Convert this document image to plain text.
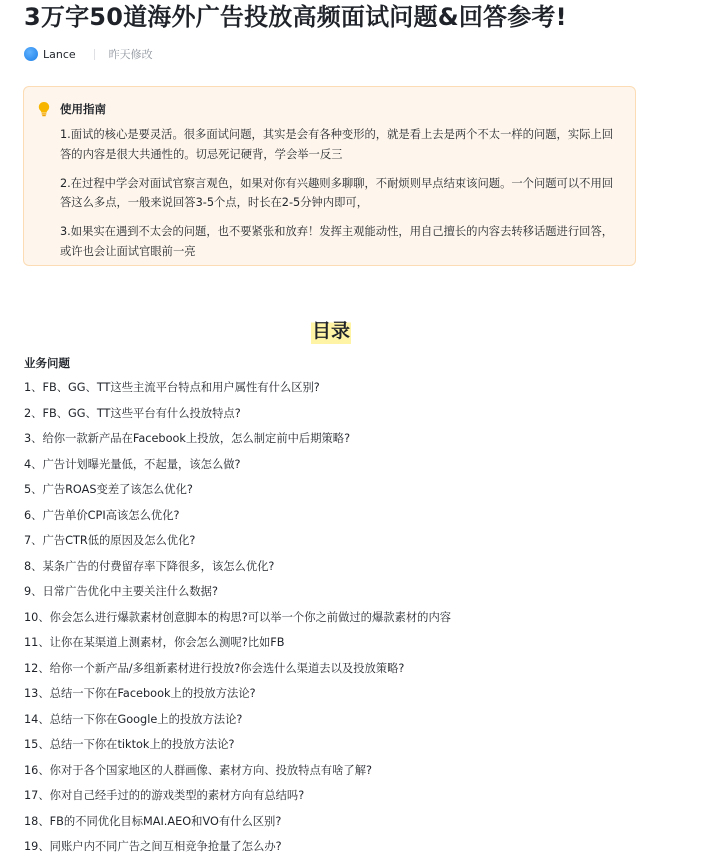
3万字50道海外广告投放高频面试问题&回答参考!
Lance	昨天修改
使用指南

1.面试的核心是要灵活。很多面试问题，其实是会有各种变形的，就是看上去是两个不太一样的问题，实际上回答的内容是很大共通性的。切忌死记硬背，学会举一反三

2.在过程中学会对面试官察言观色，如果对你有兴趣则多聊聊，不耐烦则早点结束该问题。一个问题可以不用回答这么多点，一般来说回答3-5个点，时长在2-5分钟内即可，

3.如果实在遇到不太会的问题，也不要紧张和放弃！发挥主观能动性，用自己擅长的内容去转移话题进行回答，或许也会让面试官眼前一亮

目录
业务问题
1、FB、GG、TT这些主流平台特点和用户属性有什么区别?
2、FB、GG、TT这些平台有什么投放特点?
3、给你一款新产品在Facebook上投放，怎么制定前中后期策略?
4、广告计划曝光量低，不起量，该怎么做?
5、广告ROAS变差了该怎么优化?
6、广告单价CPI高该怎么优化?
7、广告CTR低的原因及怎么优化?
8、某条广告的付费留存率下降很多，该怎么优化?
9、日常广告优化中主要关注什么数据?
10、你会怎么进行爆款素材创意脚本的构思?可以举一个你之前做过的爆款素材的内容
11、让你在某渠道上测素材，你会怎么测呢?比如FB
12、给你一个新产品/多组新素材进行投放?你会选什么渠道去以及投放策略?
13、总结一下你在Facebook上的投放方法论?
14、总结一下你在Google上的投放方法论?
15、总结一下你在tiktok上的投放方法论?
16、你对于各个国家地区的人群画像、素材方向、投放特点有啥了解?
17、你对自己经手过的的游戏类型的素材方向有总结吗?
18、FB的不同优化目标MAI.AEO和VO有什么区别?
19、同账户内不同广告之间互相竞争抢量了怎么办?
